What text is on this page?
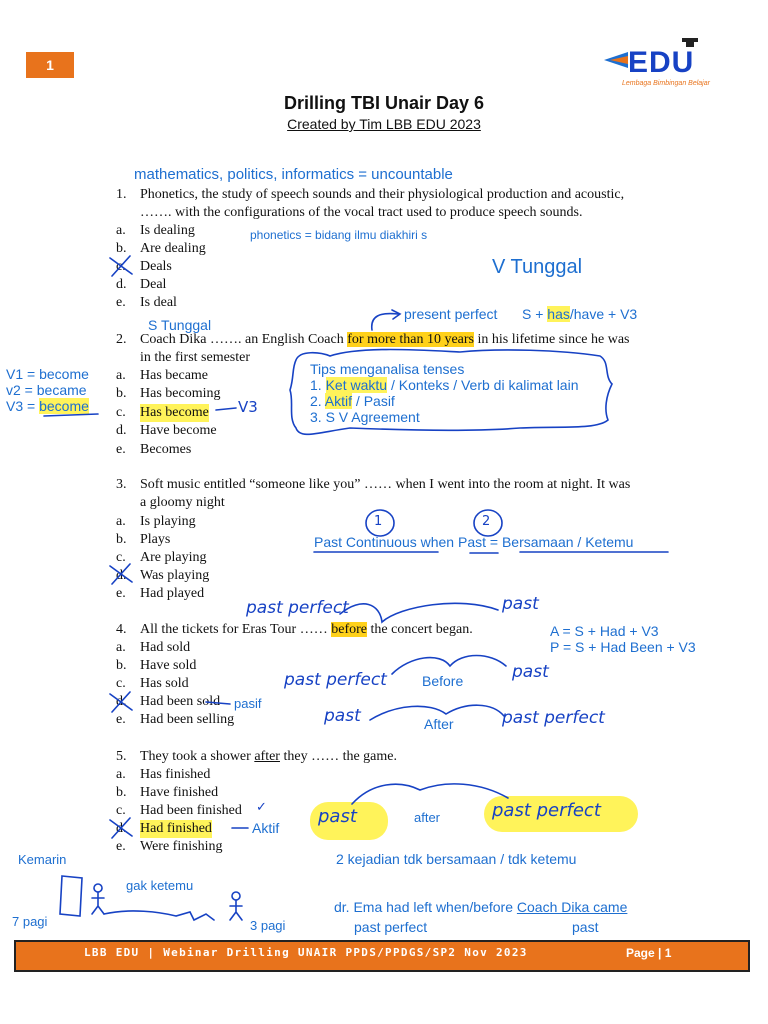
1	EDU
Lembaga Bimbingan Belajar
Drilling TBI Unair Day 6
Created by Tim LBB EDU 2023
mathematics, politics, informatics = uncountable
1. Phonetics, the study of speech sounds and their physiological production and acoustic,
……. with the configurations of the vocal tract used to produce speech sounds.
a. Is dealing
b. Are dealing
c. Deals
d. Deal
e. Is deal
phonetics = bidang ilmu diakhiri s
V Tunggal
present perfect S + has/have + V3
S Tunggal
2. Coach Dika ……. an English Coach for more than 10 years in his lifetime since he was
in the first semester
a. Has became
b. Has becoming
c. Has become
d. Have become
e. Becomes
V1 = become
v2 = became
V3 = become	V3
Tips menganalisa tenses
1. Ket waktu / Konteks / Verb di kalimat lain
2. Aktif / Pasif
3. S V Agreement
3. Soft music entitled “someone like you” …… when I went into the room at night. It was
a gloomy night
a. Is playing
b. Plays
c. Are playing
d. Was playing
e. Had played
1	2
Past Continuous when Past = Bersamaan / Ketemu
past perfect	past
4. All the tickets for Eras Tour …… before the concert began.
a. Had sold
b. Have sold
c. Has sold
d. Had been sold
e. Had been selling
A = S + Had + V3
P = S + Had Been + V3
past perfect	Before	past
pasif
past	After	past perfect
5. They took a shower after they …… the game.
a. Has finished
b. Have finished
c. Had been finished
d. Had finished
e. Were finishing
✓
Aktif
past	after	past perfect
Kemarin	2 kejadian tdk bersamaan / tdk ketemu
gak ketemu
7 pagi	3 pagi
dr. Ema had left when/before Coach Dika came
past perfect	past
LBB EDU | Webinar Drilling UNAIR PPDS/PPDGS/SP2 Nov 2023	Page | 1
